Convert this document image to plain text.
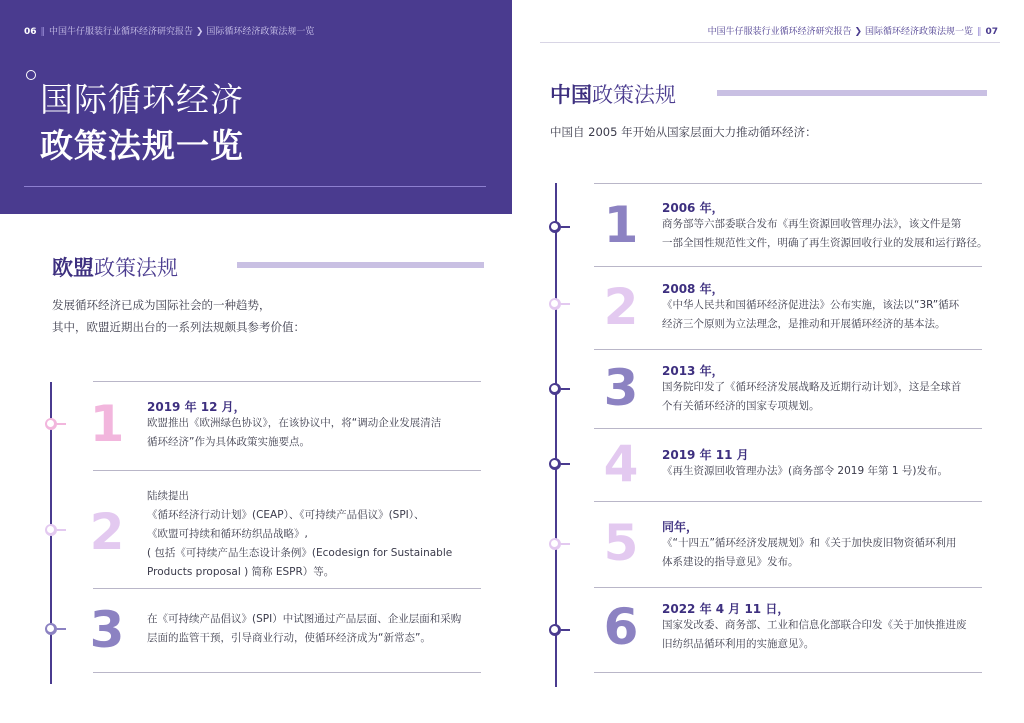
06 ‖ 中国牛仔服装行业循环经济研究报告 ❯ 国际循环经济政策法规一览
国际循环经济
政策法规一览
欧盟政策法规
发展循环经济已成为国际社会的一种趋势，
其中，欧盟近期出台的一系列法规颇具参考价值：
1	2019 年 12 月，
欧盟推出《欧洲绿色协议》，在该协议中，将“调动企业发展清洁
循环经济”作为具体政策实施要点。
2
陆续提出
《循环经济行动计划》(CEAP）、《可持续产品倡议》(SPI）、
《欧盟可持续和循环纺织品战略》,
( 包括《可持续产品生态设计条例》(Ecodesign for Sustainable
Products proposal ) 简称 ESPR）等。
3	在《可持续产品倡议》(SPI）中试图通过产品层面、企业层面和采购
层面的监管干预，引导商业行动，使循环经济成为“新常态”。
中国牛仔服装行业循环经济研究报告 ❯ 国际循环经济政策法规一览 ‖ 07
中国政策法规
中国自 2005 年开始从国家层面大力推动循环经济：
1	2006 年，
商务部等六部委联合发布《再生资源回收管理办法》，该文件是第
一部全国性规范性文件，明确了再生资源回收行业的发展和运行路径。
2	2008 年，
《中华人民共和国循环经济促进法》公布实施，该法以“3R”循环
经济三个原则为立法理念，是推动和开展循环经济的基本法。
3	2013 年，
国务院印发了《循环经济发展战略及近期行动计划》，这是全球首
个有关循环经济的国家专项规划。
4	2019 年 11 月
《再生资源回收管理办法》(商务部令 2019 年第 1 号)发布。
5	同年，
《“十四五”循环经济发展规划》和《关于加快废旧物资循环利用
体系建设的指导意见》发布。
6	2022 年 4 月 11 日，
国家发改委、商务部、工业和信息化部联合印发《关于加快推进废
旧纺织品循环利用的实施意见》。
